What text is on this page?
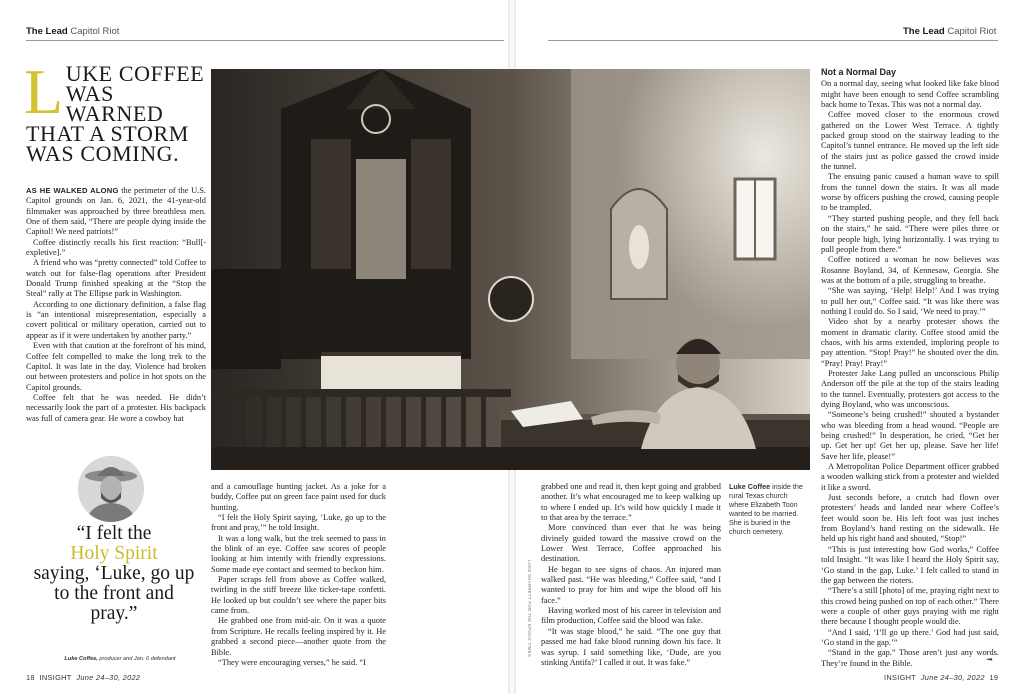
The Lead Capitol Riot	The Lead Capitol Riot
LUKE COFFEE WAS WARNED THAT A STORM WAS COMING.

AS HE WALKED ALONG the perimeter of the U.S. Capitol grounds on Jan. 6, 2021, the 41-year-old filmmaker was approached by three breathless men. One of them said, “There are people dying inside the Capitol! We need patriots!”

Coffee distinctly recalls his first reaction: “Bull[-expletive].”

A friend who was “pretty connected” told Coffee to watch out for false-flag operations after President Donald Trump finished speaking at the “Stop the Steal” rally at The Ellipse park in Washington.

According to one dictionary definition, a false flag is “an intentional misrepresentation, especially a covert political or military operation, carried out to appear as if it were undertaken by another party.”

Even with that caution at the forefront of his mind, Coffee felt compelled to make the long trek to the Capitol. It was late in the day. Violence had broken out between protesters and police in hot spots on the Capitol grounds.

Coffee felt that he was needed. He didn’t necessarily look the part of a protester. His backpack was full of camera gear. He wore a cowboy hat

“I felt the
Holy Spirit
saying, ‘Luke, go up to the front and pray.”
Luke Coffee, producer and Jan. 6 defendant
Luke Coffee inside the rural Texas church where Elizabeth Toon wanted to be married. She is buried in the church cemetery.
LUKE SHARRETT FOR THE EPOCH TIMES

and a camouflage hunting jacket. As a joke for a buddy, Coffee put on green face paint used for duck hunting.

“I felt the Holy Spirit saying, ‘Luke, go up to the front and pray,’” he told Insight.

It was a long walk, but the trek seemed to pass in the blink of an eye. Coffee saw scores of people looking at him intently with friendly expressions. Some made eye contact and seemed to beckon him.

Paper scraps fell from above as Coffee walked, twirling in the stiff breeze like ticker-tape confetti. He looked up but couldn’t see where the paper bits came from.

He grabbed one from mid-air. On it was a quote from Scripture. He recalls feeling inspired by it. He grabbed a second piece—another quote from the Bible.

“They were encouraging verses,” he said. “I

grabbed one and read it, then kept going and grabbed another. It’s what encouraged me to keep walking up to where I ended up. It’s wild how quickly I made it to that area by the terrace.”

More convinced than ever that he was being divinely guided toward the massive crowd on the Lower West Terrace, Coffee approached his destination.

He began to see signs of chaos. An injured man walked past. “He was bleeding,” Coffee said, “and I wanted to pray for him and wipe the blood off his face.”

Having worked most of his career in television and film production, Coffee said the blood was fake.

“It was stage blood,” he said. “The one guy that passed me had fake blood running down his face. It was syrup. I said something like, ‘Dude, are you stinking Antifa?’ I called it out. It was fake.”

Not a Normal Day

On a normal day, seeing what looked like fake blood might have been enough to send Coffee scrambling back home to Texas. This was not a normal day.

Coffee moved closer to the enormous crowd gathered on the Lower West Terrace. A tightly packed group stood on the stairway leading to the Capitol’s tunnel entrance. He moved up the left side of the stairs just as police gassed the crowd inside the tunnel.

The ensuing panic caused a human wave to spill from the tunnel down the stairs. It was all made worse by officers pushing the crowd, causing people to be trampled.

“They started pushing people, and they fell back on the stairs,” he said. “There were piles three or four people high, lying horizontally. I was trying to pull people from there.”

Coffee noticed a woman he now believes was Rosanne Boyland, 34, of Kennesaw, Georgia. She was at the bottom of a pile, struggling to breathe.

“She was saying, ‘Help! Help!’ And I was trying to pull her out,” Coffee said. “It was like there was nothing I could do. So I said, ‘We need to pray.’”

Video shot by a nearby protester shows the moment in dramatic clarity. Coffee stood amid the chaos, with his arms extended, imploring people to pay attention. “Stop! Pray!” he shouted over the din. “Pray! Pray! Pray!”

Protester Jake Lang pulled an unconscious Philip Anderson off the pile at the top of the stairs leading to the tunnel. Eventually, protesters got access to the dying Boyland, who was unconscious.

“Someone’s being crushed!” shouted a bystander who was bleeding from a head wound. “People are being crushed!” In desperation, he cried, “Get her up. Get her up! Get her up, please. Save her life! Save her life, please!”

A Metropolitan Police Department officer grabbed a wooden walking stick from a protester and wielded it like a sword.

Just seconds before, a crutch had flown over protesters’ heads and landed near where Coffee’s feet would soon be. His left foot was just inches from Boyland’s hand resting on the sidewalk. He held up his right hand and shouted, “Stop!”

“This is just interesting how God works,” Coffee told Insight. “It was like I heard the Holy Spirit say, ‘Go stand in the gap, Luke.’ I felt called to stand in the gap between the rioters.

“There’s a still [photo] of me, praying right next to this crowd being pushed on top of each other.” There were a couple of other guys praying with me right there because I thought people would die.

“And I said, ‘I’ll go up there.’ God had just said, ‘Go stand in the gap.’”

“Stand in the gap.” Those aren’t just any words. They’re found in the Bible.	➟
18 INSIGHT June 24–30, 2022	INSIGHT June 24–30, 2022 19
